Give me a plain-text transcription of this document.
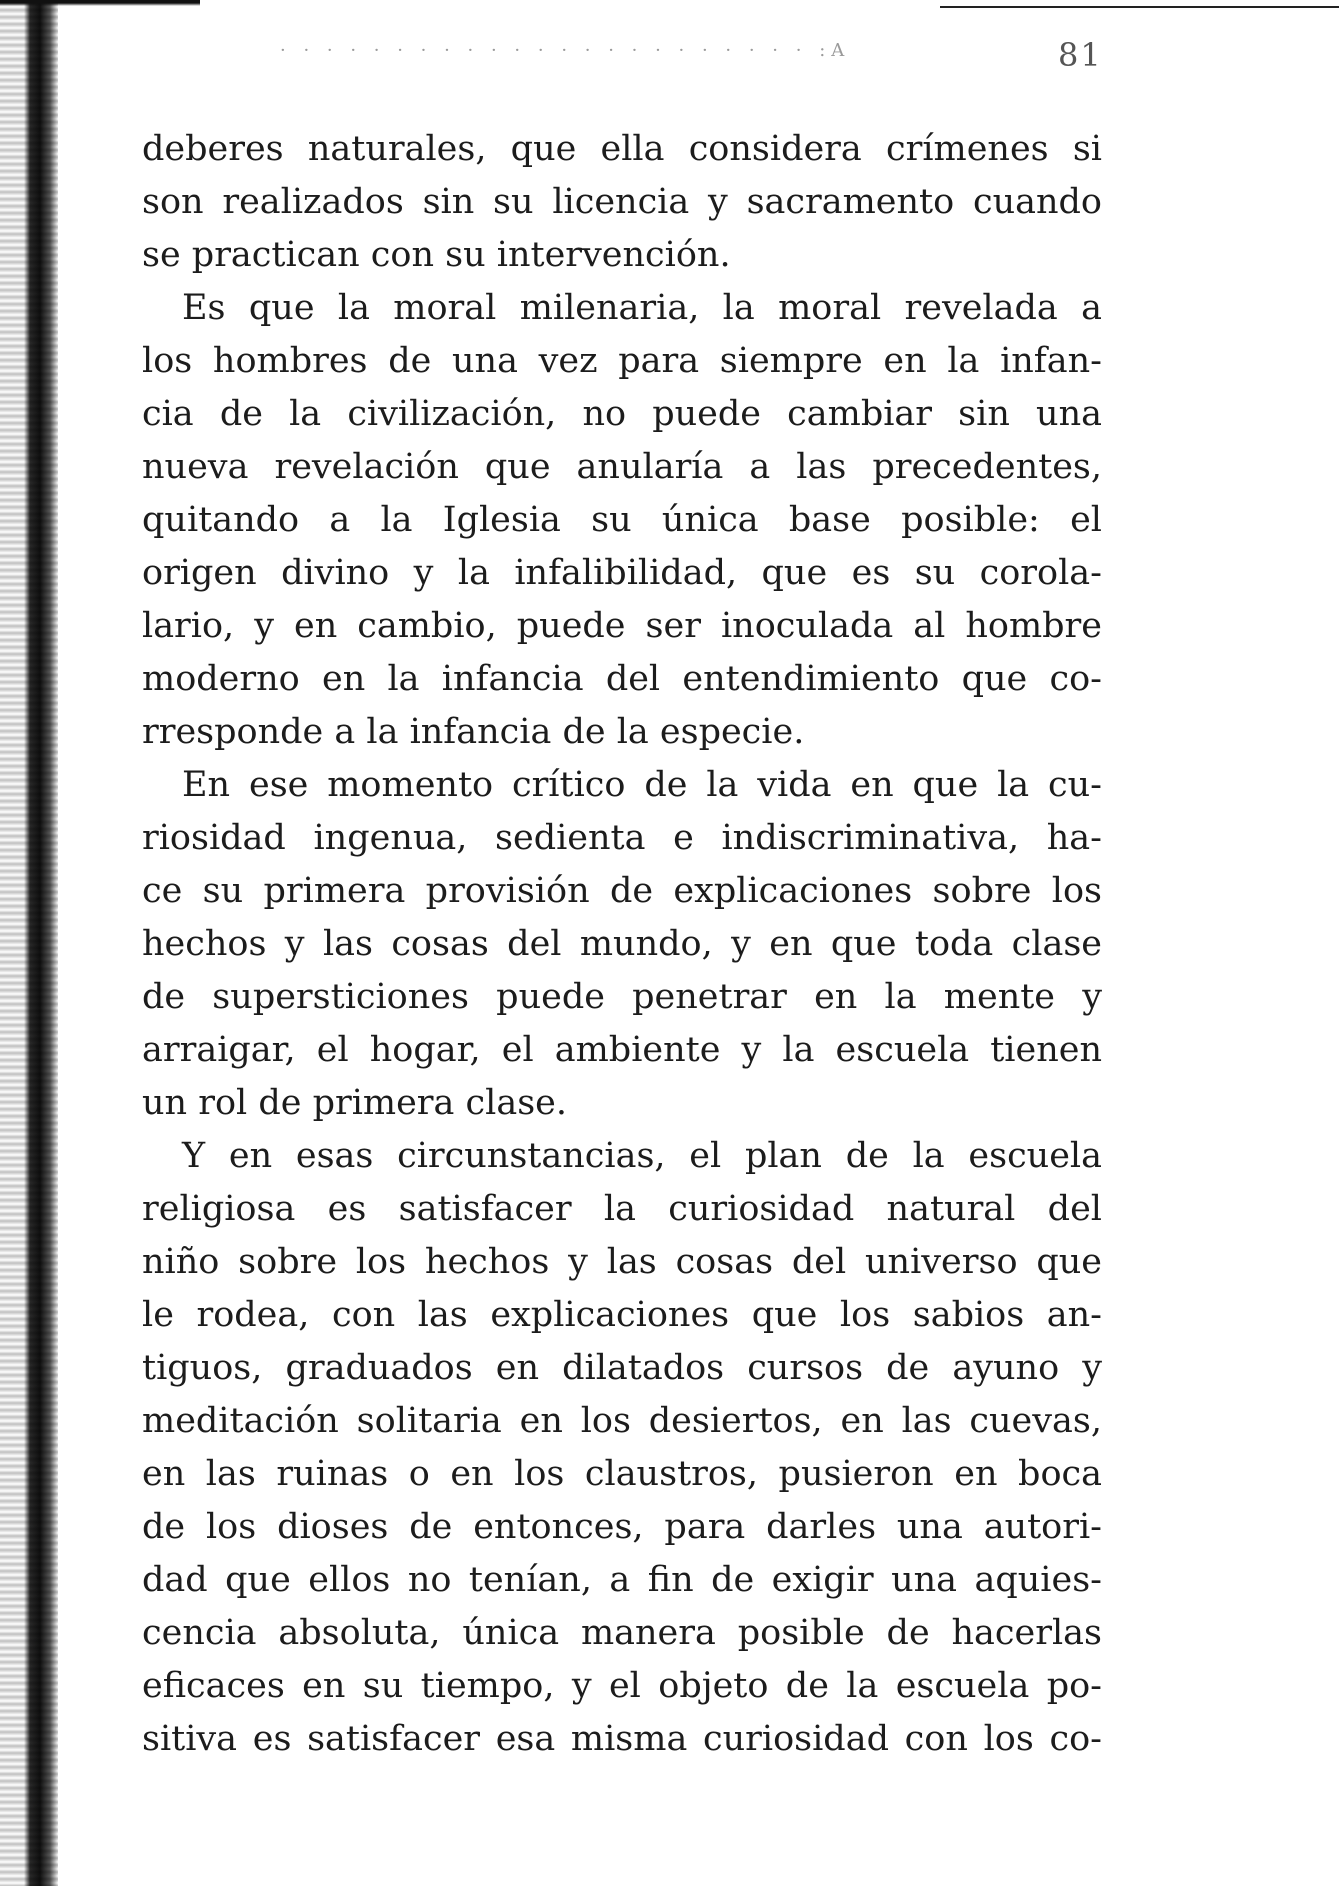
· · · · · · · · · · · · · · · · · · · · · · · :A	81
deberes naturales, que ella considera crímenes si
son realizados sin su licencia y sacramento cuando
se practican con su intervención.
Es que la moral milenaria, la moral revelada a
los hombres de una vez para siempre en la infan-
cia de la civilización, no puede cambiar sin una
nueva revelación que anularía a las precedentes,
quitando a la Iglesia su única base posible: el
origen divino y la infalibilidad, que es su corola-
lario, y en cambio, puede ser inoculada al hombre
moderno en la infancia del entendimiento que co-
rresponde a la infancia de la especie.
En ese momento crítico de la vida en que la cu-
riosidad ingenua, sedienta e indiscriminativa, ha-
ce su primera provisión de explicaciones sobre los
hechos y las cosas del mundo, y en que toda clase
de supersticiones puede penetrar en la mente y
arraigar, el hogar, el ambiente y la escuela tienen
un rol de primera clase.
Y en esas circunstancias, el plan de la escuela
religiosa es satisfacer la curiosidad natural del
niño sobre los hechos y las cosas del universo que
le rodea, con las explicaciones que los sabios an-
tiguos, graduados en dilatados cursos de ayuno y
meditación solitaria en los desiertos, en las cuevas,
en las ruinas o en los claustros, pusieron en boca
de los dioses de entonces, para darles una autori-
dad que ellos no tenían, a fin de exigir una aquies-
cencia absoluta, única manera posible de hacerlas
eficaces en su tiempo, y el objeto de la escuela po-
sitiva es satisfacer esa misma curiosidad con los co-
